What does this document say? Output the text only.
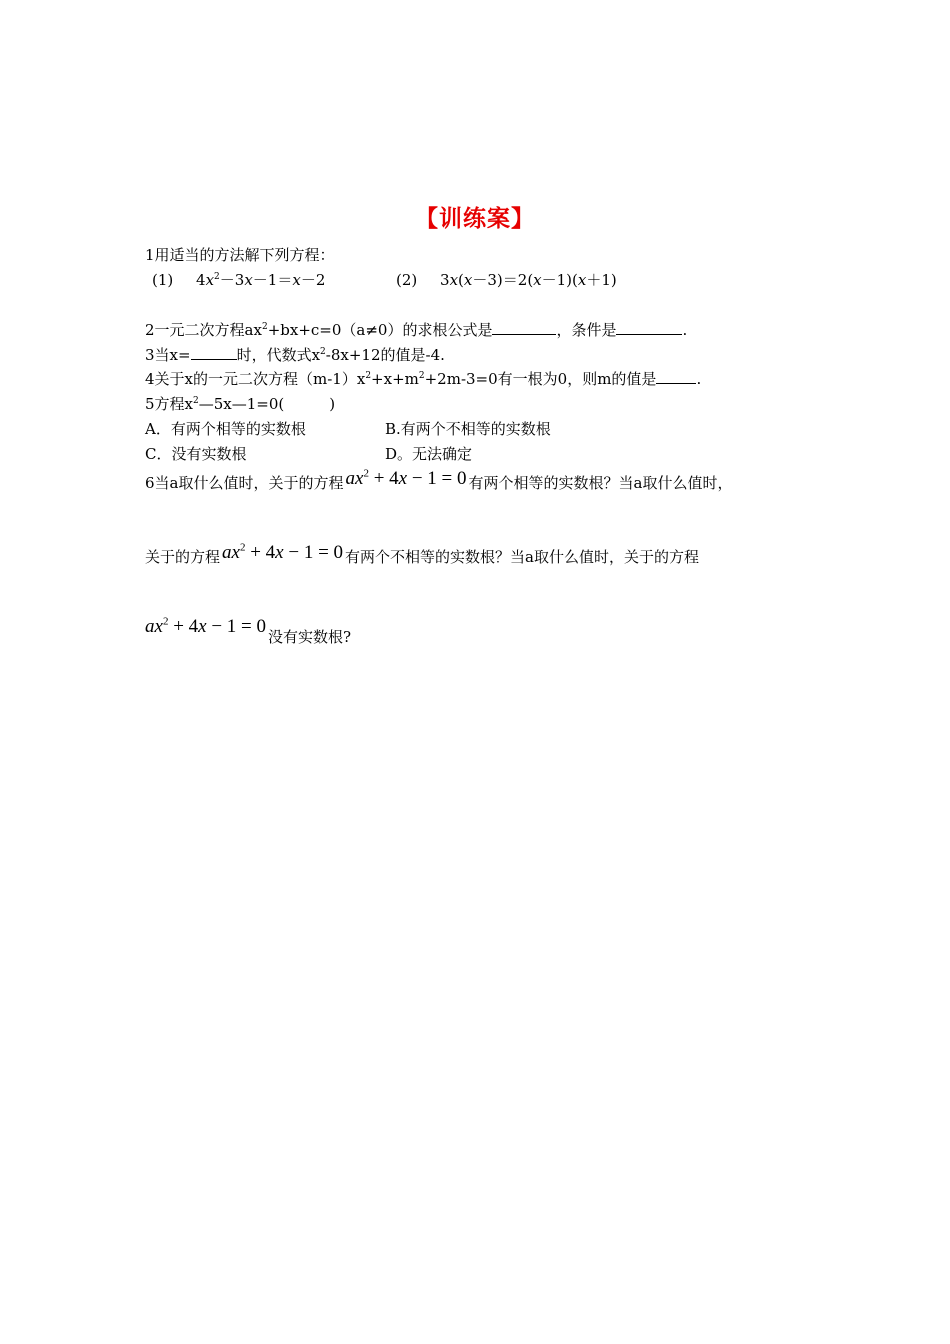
【训练案】
1用适当的方法解下列方程：
(1) $4x^2-3x-1=x-2$	(2) 3x(x－3)＝2(x－1)(x＋1)
2一元二次方程$ax^2+bx+c=0(a\ne 0)$的求根公式是	，条件是	.
3当x=	时，代数式$x^2-8x+12$的值是-4.
4关于x的一元二次方程$(m-1)x^2+x+m^2+2m-3=0$有一根为0，则m的值是	.
5方程$x^2—5x—1=0$(　　　)
A．有两个相等的实数根	B.有两个不相等的实数根
C．没有实数根	D。无法确定
6当a取什么值时，关于的方程 $ax^2 + 4x - 1 = 0$ 有两个相等的实数根？当a取什么值时，
关于的方程 $ax^2 + 4x - 1 = 0$ 有两个不相等的实数根？当a取什么值时，关于的方程
$ax^2 + 4x - 1 = 0$ 没有实数根?
